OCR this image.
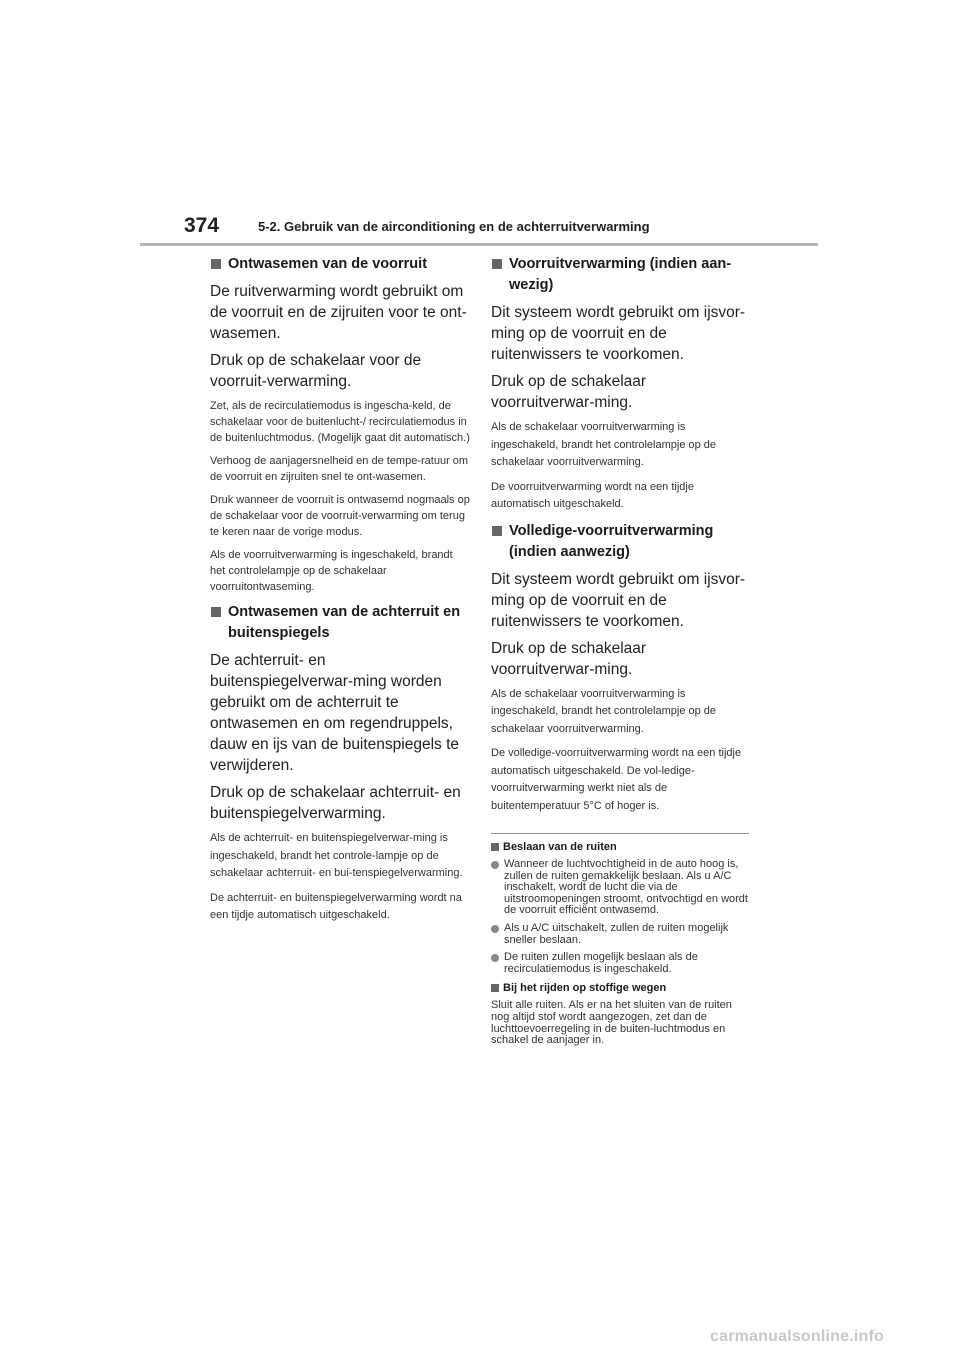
374	5-2. Gebruik van de airconditioning en de achterruitverwarming
Ontwasemen van de voorruit

De ruitverwarming wordt gebruikt om de voorruit en de zijruiten voor te ont-wasemen.

Druk op de schakelaar voor de voorruit-verwarming.

Zet, als de recirculatiemodus is ingescha-keld, de schakelaar voor de buitenlucht-/ recirculatiemodus in de buitenluchtmodus. (Mogelijk gaat dit automatisch.)

Verhoog de aanjagersnelheid en de tempe-ratuur om de voorruit en zijruiten snel te ont-wasemen.

Druk wanneer de voorruit is ontwasemd nogmaals op de schakelaar voor de voorruit-verwarming om terug te keren naar de vorige modus.

Als de voorruitverwarming is ingeschakeld, brandt het controlelampje op de schakelaar voorruitontwaseming.

Ontwasemen van de achterruit en buitenspiegels

De achterruit- en buitenspiegelverwar-ming worden gebruikt om de achterruit te ontwasemen en om regendruppels, dauw en ijs van de buitenspiegels te verwijderen.

Druk op de schakelaar achterruit- en buitenspiegelverwarming.

Als de achterruit- en buitenspiegelverwar-ming is ingeschakeld, brandt het controle-lampje op de schakelaar achterruit- en bui-tenspiegelverwarming.

De achterruit- en buitenspiegelverwarming wordt na een tijdje automatisch uitgeschakeld.

Voorruitverwarming (indien aan-wezig)

Dit systeem wordt gebruikt om ijsvor-ming op de voorruit en de ruitenwissers te voorkomen.

Druk op de schakelaar voorruitverwar-ming.

Als de schakelaar voorruitverwarming is ingeschakeld, brandt het controlelampje op de schakelaar voorruitverwarming.

De voorruitverwarming wordt na een tijdje automatisch uitgeschakeld.

Volledige-voorruitverwarming (indien aanwezig)

Dit systeem wordt gebruikt om ijsvor-ming op de voorruit en de ruitenwissers te voorkomen.

Druk op de schakelaar voorruitverwar-ming.

Als de schakelaar voorruitverwarming is ingeschakeld, brandt het controlelampje op de schakelaar voorruitverwarming.

De volledige-voorruitverwarming wordt na een tijdje automatisch uitgeschakeld. De vol-ledige-voorruitverwarming werkt niet als de buitentemperatuur 5°C of hoger is.

Beslaan van de ruiten
Wanneer de luchtvochtigheid in de auto hoog is, zullen de ruiten gemakkelijk beslaan. Als u A/C inschakelt, wordt de lucht die via de uitstroomopeningen stroomt, ontvochtigd en wordt de voorruit efficiënt ontwasemd.
Als u A/C uitschakelt, zullen de ruiten mogelijk sneller beslaan.
De ruiten zullen mogelijk beslaan als de recirculatiemodus is ingeschakeld.
Bij het rijden op stoffige wegen

Sluit alle ruiten. Als er na het sluiten van de ruiten nog altijd stof wordt aangezogen, zet dan de luchttoevoerregeling in de buiten-luchtmodus en schakel de aanjager in.

carmanualsonline.info
